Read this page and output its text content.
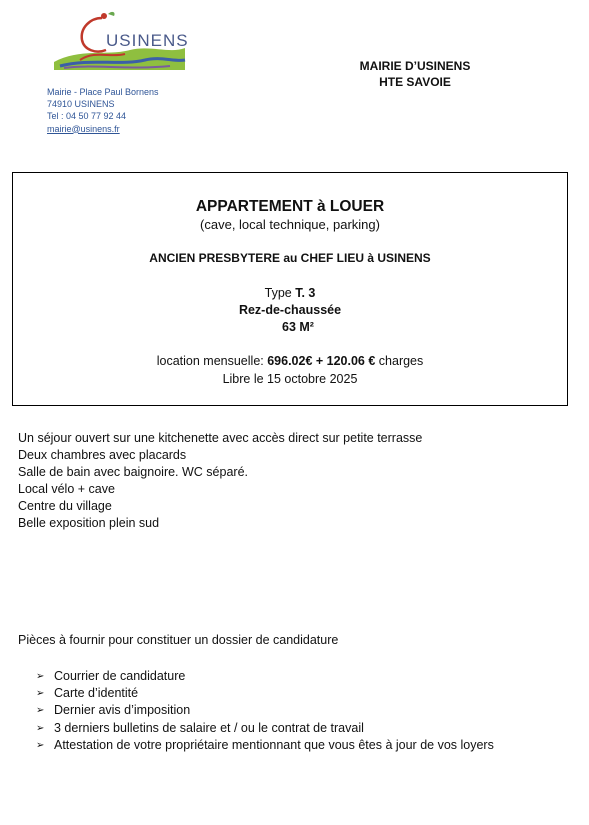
USINENS
Mairie - Place Paul Bornens
74910 USINENS
Tel : 04 50 77 92 44
mairie@usinens.fr
MAIRIE D’USINENS
HTE SAVOIE
APPARTEMENT à LOUER
(cave, local technique, parking)
ANCIEN PRESBYTERE au CHEF LIEU à USINENS
Type T. 3
Rez-de-chaussée
63 M²
location mensuelle: 696.02€ + 120.06 € charges
Libre le 15 octobre 2025
Un séjour ouvert sur une kitchenette avec accès direct sur petite terrasse
Deux chambres avec placards
Salle de bain avec baignoire. WC séparé.
Local vélo + cave
Centre du village
Belle exposition plein sud
Pièces à fournir pour constituer un dossier de candidature
➢ Courrier de candidature
➢ Carte d’identité
➢ Dernier avis d’imposition
➢ 3 derniers bulletins de salaire et / ou le contrat de travail
➢ Attestation de votre propriétaire mentionnant que vous êtes à jour de vos loyers
